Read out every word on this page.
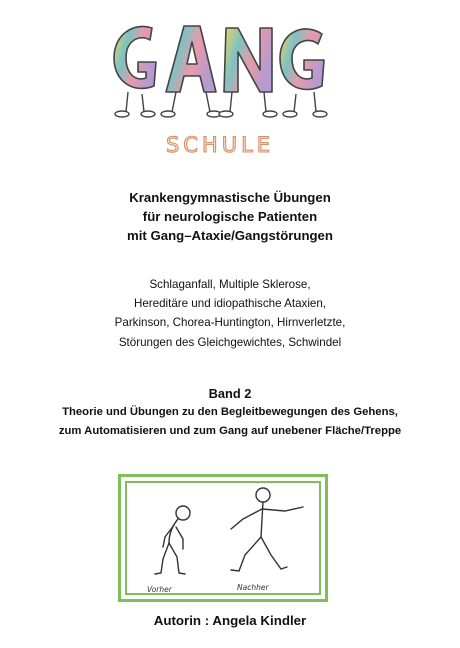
SCHULE
Krankengymnastische Übungen
für neurologische Patienten
mit Gang–Ataxie/Gangstörungen
Schlaganfall, Multiple Sklerose,
Hereditäre und idiopathische Ataxien,
Parkinson, Chorea-Huntington, Hirnverletzte,
Störungen des Gleichgewichtes, Schwindel
Band 2
Theorie und Übungen zu den Begleitbewegungen des Gehens,
zum Automatisieren und zum Gang auf unebener Fläche/Treppe
Vorher	Nachher
Autorin : Angela Kindler
